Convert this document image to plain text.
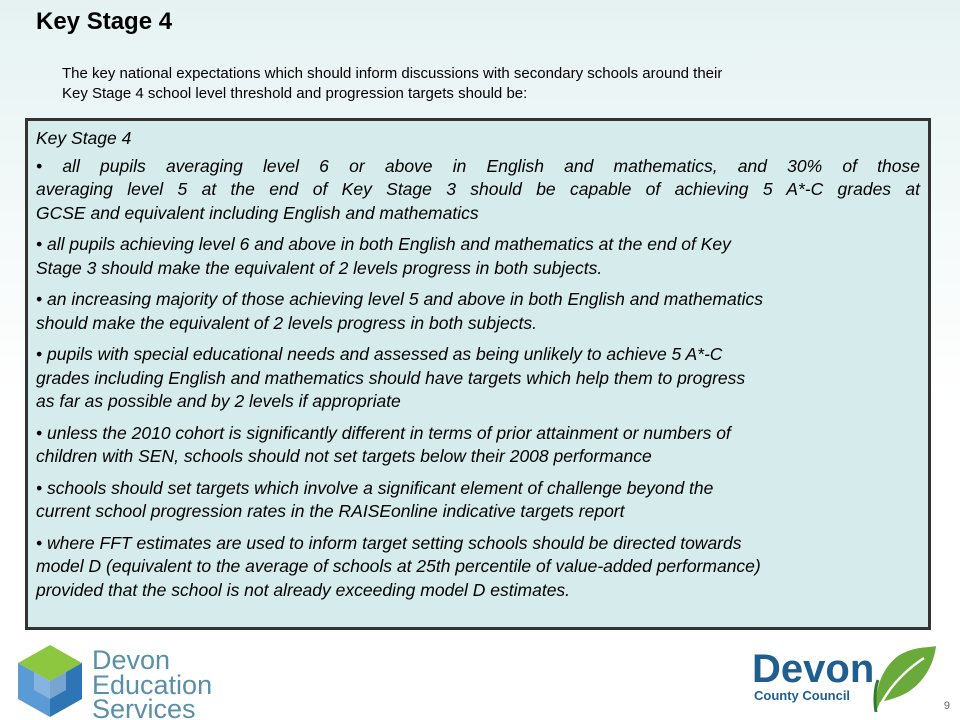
Key Stage 4
The key national expectations which should inform discussions with secondary schools around their
Key Stage 4 school level threshold and progression targets should be:
Key Stage 4
• all pupils averaging level 6 or above in English and mathematics, and 30% of those
averaging level 5 at the end of Key Stage 3 should be capable of achieving 5 A*-C grades at
GCSE and equivalent including English and mathematics
• all pupils achieving level 6 and above in both English and mathematics at the end of Key
Stage 3 should make the equivalent of 2 levels progress in both subjects.
• an increasing majority of those achieving level 5 and above in both English and mathematics
should make the equivalent of 2 levels progress in both subjects.
• pupils with special educational needs and assessed as being unlikely to achieve 5 A*-C
grades including English and mathematics should have targets which help them to progress
as far as possible and by 2 levels if appropriate
• unless the 2010 cohort is significantly different in terms of prior attainment or numbers of
children with SEN, schools should not set targets below their 2008 performance
• schools should set targets which involve a significant element of challenge beyond the
current school progression rates in the RAISEonline indicative targets report
• where FFT estimates are used to inform target setting schools should be directed towards
model D (equivalent to the average of schools at 25th percentile of value-added performance)
provided that the school is not already exceeding model D estimates.
Devon
Education
Services
Devon
County Council
9
